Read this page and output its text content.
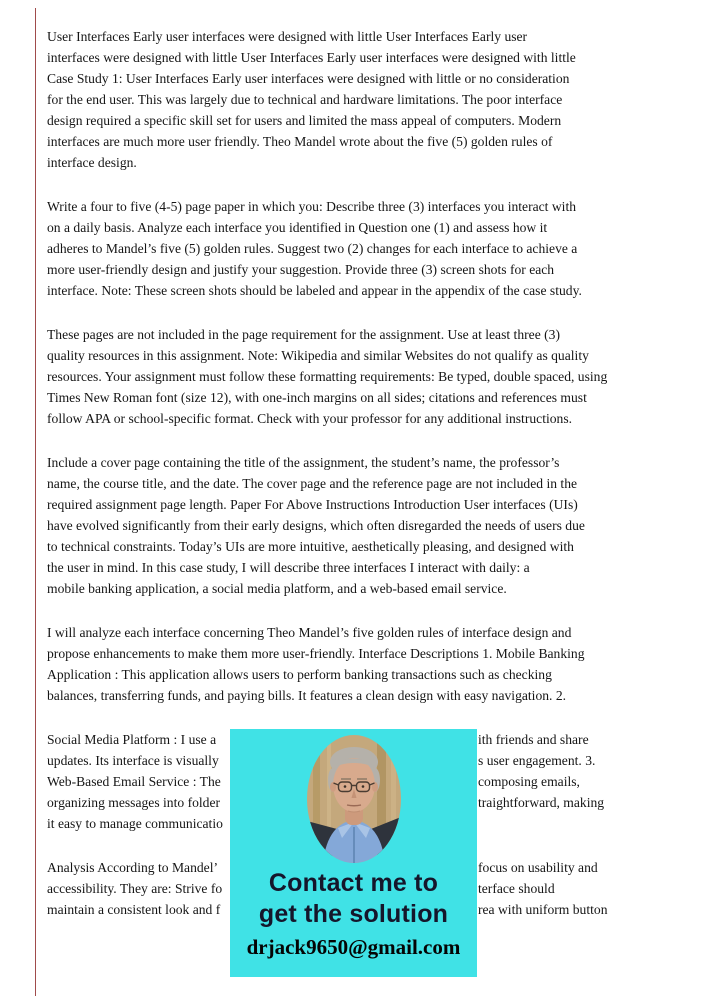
User Interfaces Early user interfaces were designed with little User Interfaces Early user
interfaces were designed with little User Interfaces Early user interfaces were designed with little
Case Study 1: User Interfaces Early user interfaces were designed with little or no consideration
for the end user. This was largely due to technical and hardware limitations. The poor interface
design required a specific skill set for users and limited the mass appeal of computers. Modern
interfaces are much more user friendly. Theo Mandel wrote about the five (5) golden rules of
interface design.
Write a four to five (4-5) page paper in which you: Describe three (3) interfaces you interact with
on a daily basis. Analyze each interface you identified in Question one (1) and assess how it
adheres to Mandel’s five (5) golden rules. Suggest two (2) changes for each interface to achieve a
more user-friendly design and justify your suggestion. Provide three (3) screen shots for each
interface. Note: These screen shots should be labeled and appear in the appendix of the case study.
These pages are not included in the page requirement for the assignment. Use at least three (3)
quality resources in this assignment. Note: Wikipedia and similar Websites do not qualify as quality
resources. Your assignment must follow these formatting requirements: Be typed, double spaced, using
Times New Roman font (size 12), with one-inch margins on all sides; citations and references must
follow APA or school-specific format. Check with your professor for any additional instructions.
Include a cover page containing the title of the assignment, the student’s name, the professor’s
name, the course title, and the date. The cover page and the reference page are not included in the
required assignment page length. Paper For Above Instructions Introduction User interfaces (UIs)
have evolved significantly from their early designs, which often disregarded the needs of users due
to technical constraints. Today’s UIs are more intuitive, aesthetically pleasing, and designed with
the user in mind. In this case study, I will describe three interfaces I interact with daily: a
mobile banking application, a social media platform, and a web-based email service.
I will analyze each interface concerning Theo Mandel’s five golden rules of interface design and
propose enhancements to make them more user-friendly. Interface Descriptions 1. Mobile Banking
Application : This application allows users to perform banking transactions such as checking
balances, transferring funds, and paying bills. It features a clean design with easy navigation. 2.
Social Media Platform : I use a	ith friends and share
updates. Its interface is visually	s user engagement. 3.
Web-Based Email Service : The	composing emails,
organizing messages into folder	traightforward, making
it easy to manage communicatio
Analysis According to Mandel’	focus on usability and
accessibility. They are: Strive fo	terface should
maintain a consistent look and f	rea with uniform button
Contact me to
get the solution
drjack9650@gmail.com
